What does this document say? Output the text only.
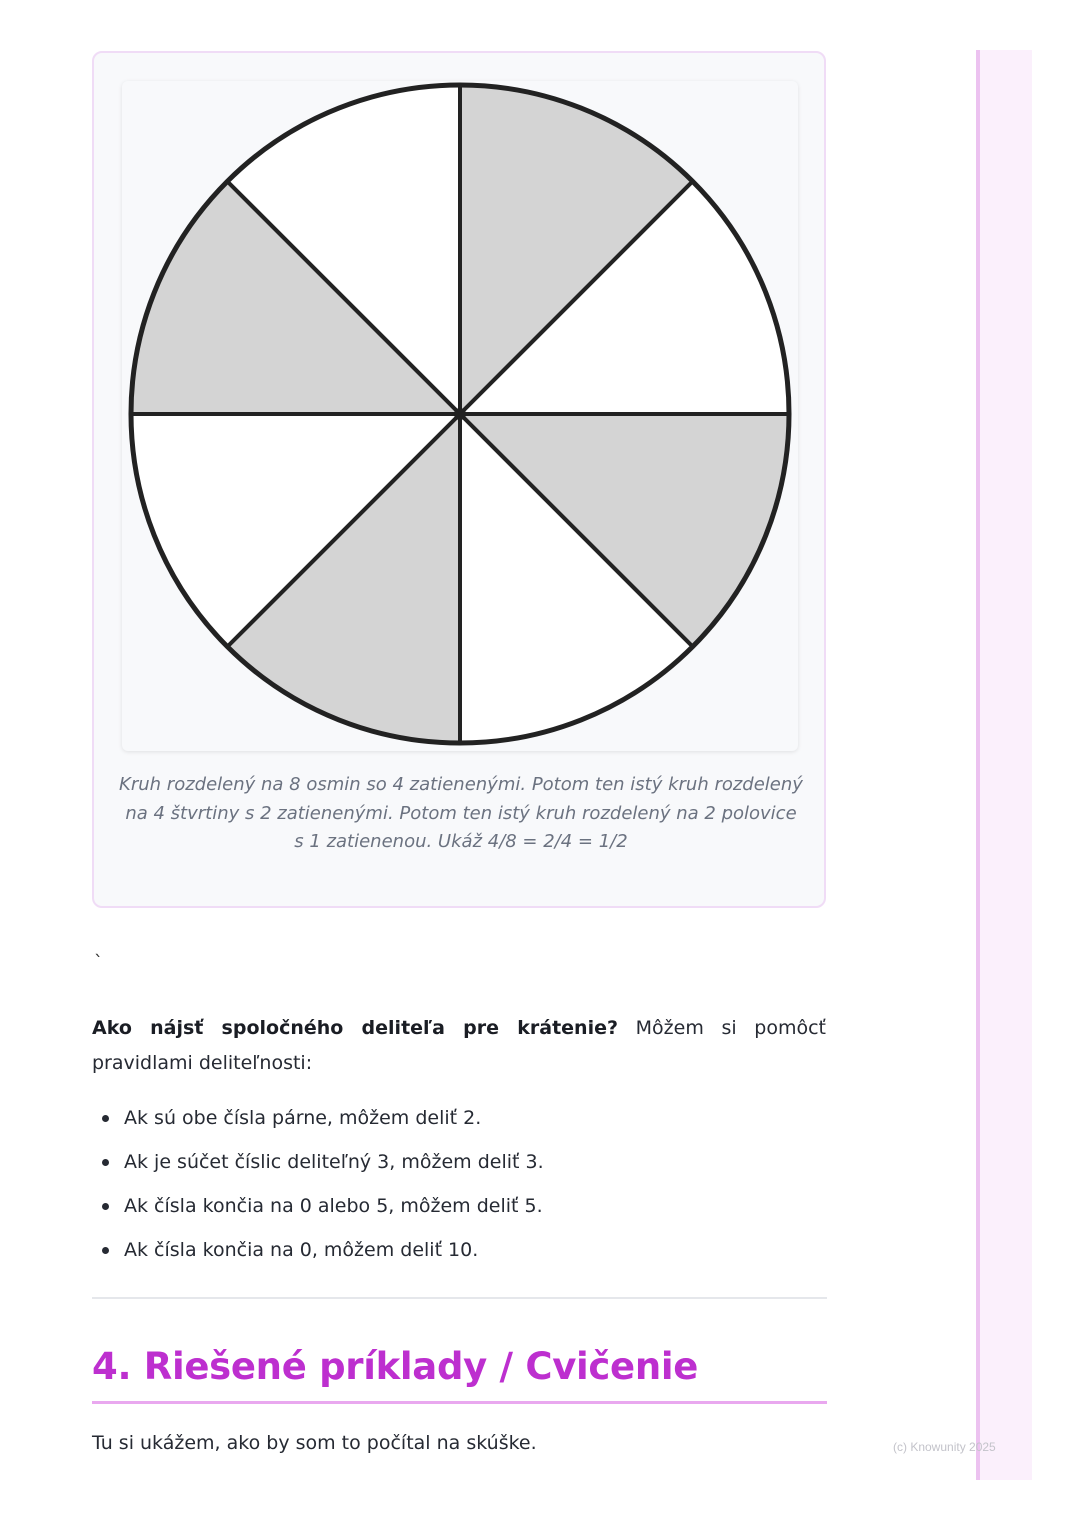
(c) Knowunity 2025
Kruh rozdelený na 8 osmin so 4 zatienenými. Potom ten istý kruh rozdelený na 4 štvrtiny s 2 zatienenými. Potom ten istý kruh rozdelený na 2 polovice s 1 zatienenou. Ukáž 4/8 = 2/4 = 1/2
`
Ako nájsť spoločného deliteľa pre krátenie? Môžem si pomôcť pravidlami deliteľnosti:
Ak sú obe čísla párne, môžem deliť 2.
Ak je súčet číslic deliteľný 3, môžem deliť 3.
Ak čísla končia na 0 alebo 5, môžem deliť 5.
Ak čísla končia na 0, môžem deliť 10.
4. Riešené príklady / Cvičenie
Tu si ukážem, ako by som to počítal na skúške.
